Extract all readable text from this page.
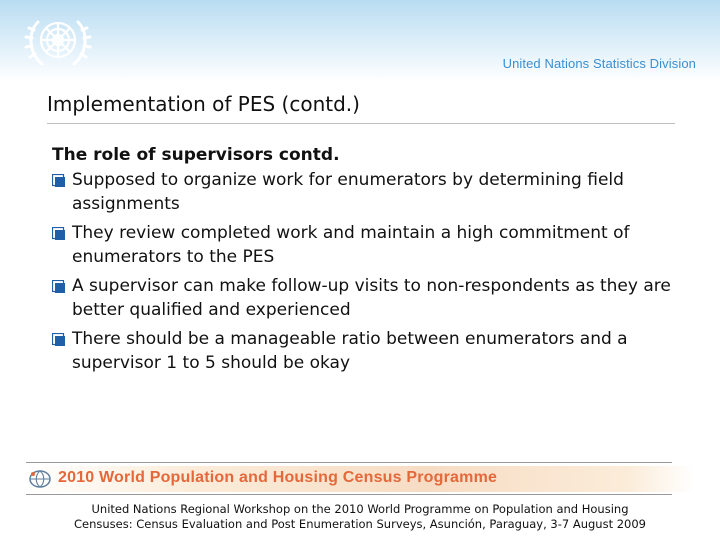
United Nations Statistics Division
Implementation of PES (contd.)

The role of supervisors contd.

Supposed to organize work for enumerators by determining field assignments
They review completed work and maintain a high commitment of enumerators to the PES
A supervisor can make follow-up visits to non-respondents as they are better qualified and experienced
There should be a manageable ratio between enumerators and a supervisor 1 to 5 should be okay
2010 World Population and Housing Census Programme
United Nations Regional Workshop on the 2010 World Programme on Population and Housing
Censuses: Census Evaluation and Post Enumeration Surveys, Asunción, Paraguay, 3-7 August 2009
